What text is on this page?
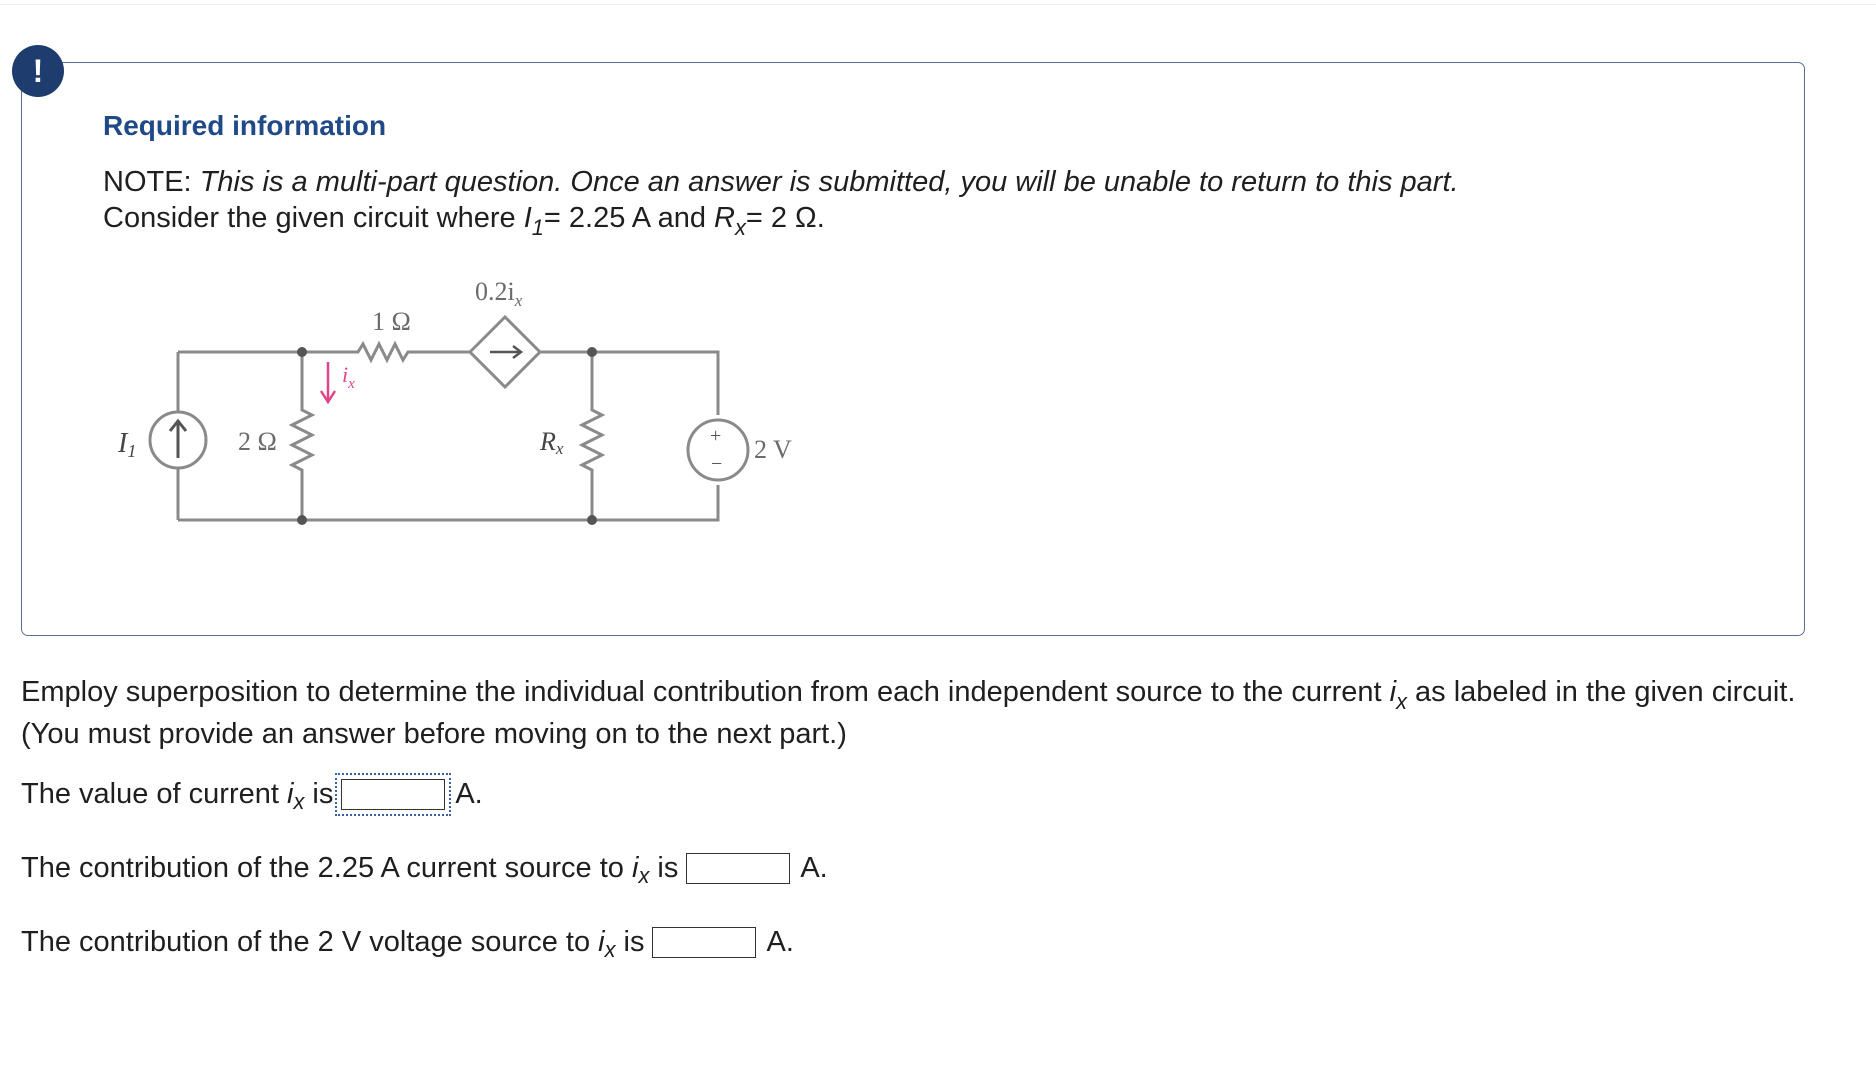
!
Required information
NOTE: This is a multi-part question. Once an answer is submitted, you will be unable to return to this part.
Consider the given circuit where $I_1= 2.25$ A and $R_x= 2$ Ω.
1 Ω
$0.2i_x$
I1	2 Ω
$i_x$
Rx	2 V
+
−
Employ superposition to determine the individual contribution from each independent source to the current $i_x$ as labeled in the given circuit. (You must provide an answer before moving on to the next part.)
The value of current
i x
is	A.
The contribution of the 2.25 A current source to
i x
is	A.
The contribution of the 2 V voltage source to
i x
is	A.
